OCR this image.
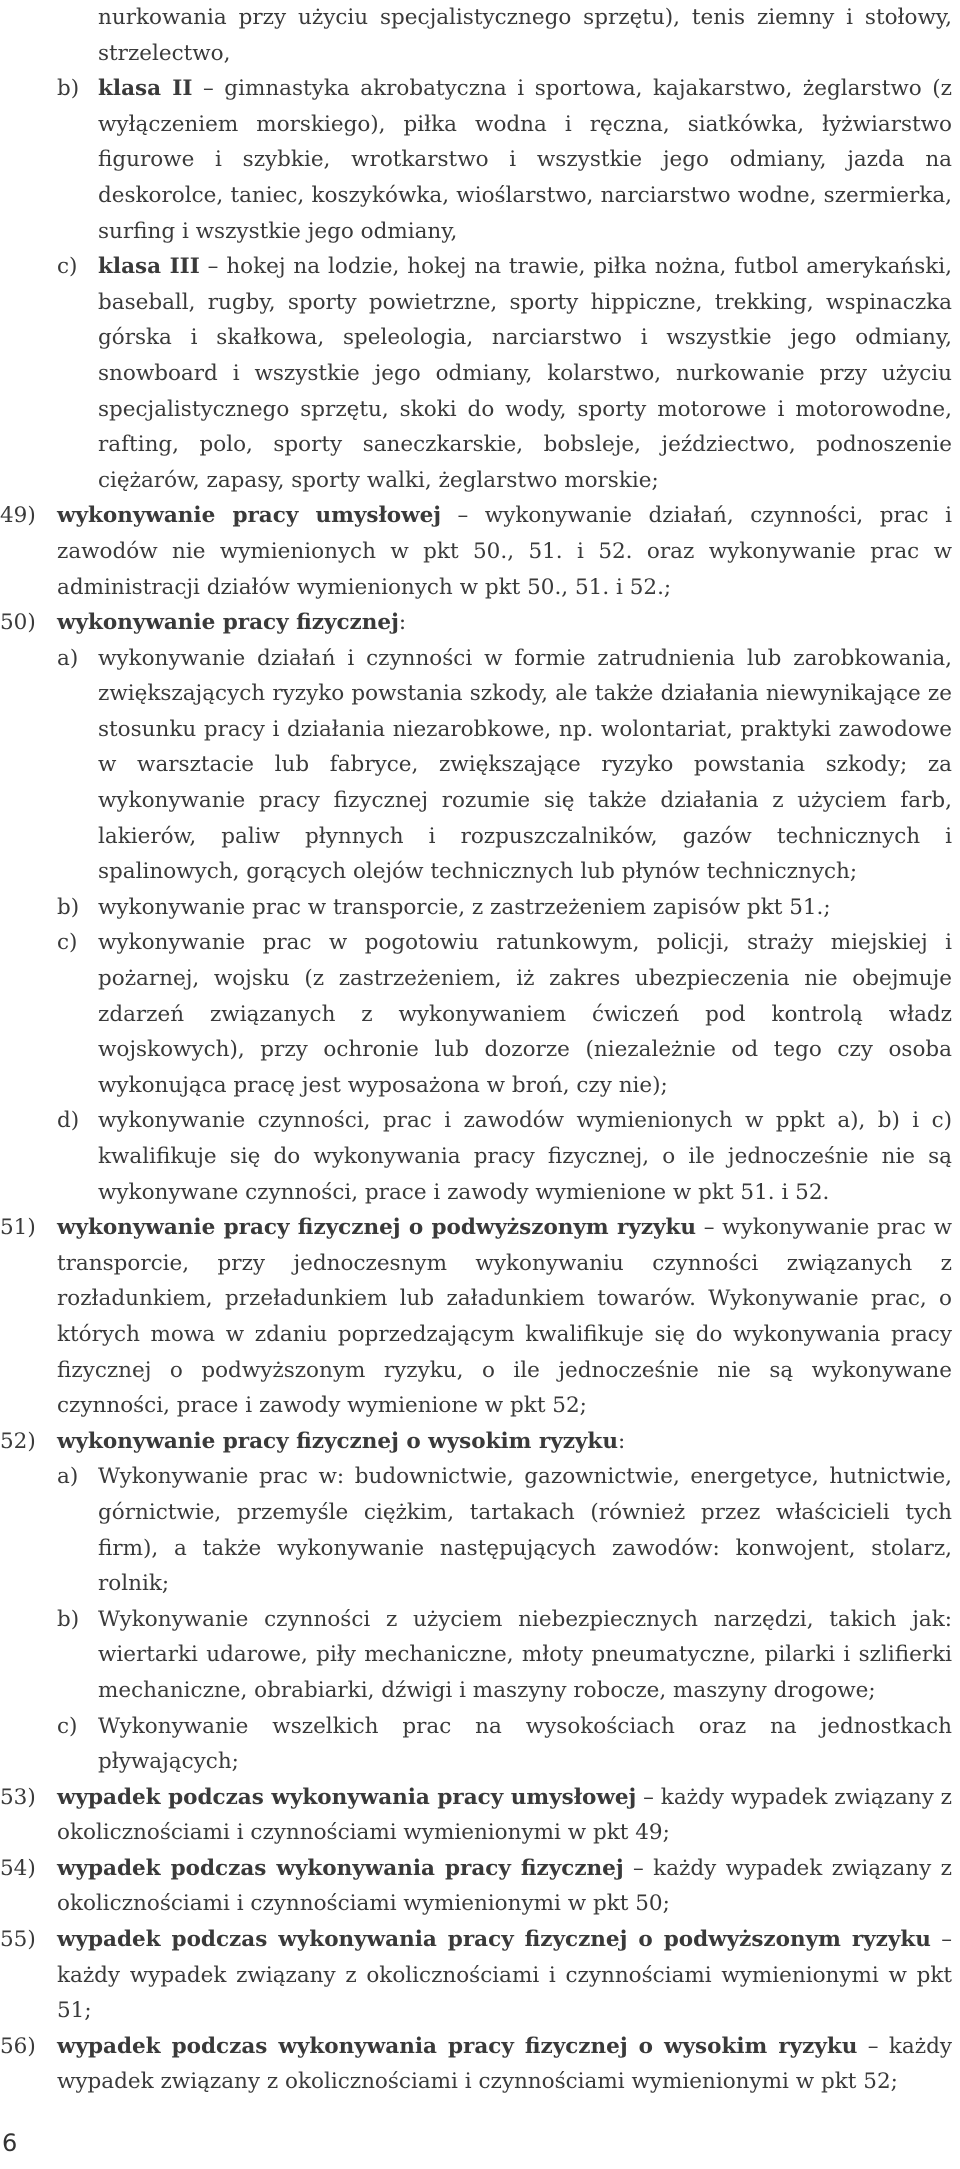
nurkowania przy użyciu specjalistycznego sprzętu), tenis ziemny i stołowy, strzelectwo,

b) klasa II – gimnastyka akrobatyczna i sportowa, kajakarstwo, żeglarstwo (z wyłączeniem morskiego), piłka wodna i ręczna, siatkówka, łyżwiarstwo figurowe i szybkie, wrotkarstwo i wszystkie jego odmiany, jazda na deskorolce, taniec, koszykówka, wioślarstwo, narciarstwo wodne, szermierka, surfing i wszystkie jego odmiany,

c) klasa III – hokej na lodzie, hokej na trawie, piłka nożna, futbol amerykański, baseball, rugby, sporty powietrzne, sporty hippiczne, trekking, wspinaczka górska i skałkowa, speleologia, narciarstwo i wszystkie jego odmiany, snowboard i wszystkie jego odmiany, kolarstwo, nurkowanie przy użyciu specjalistycznego sprzętu, skoki do wody, sporty motorowe i motorowodne, rafting, polo, sporty saneczkarskie, bobsleje, jeździectwo, podnoszenie ciężarów, zapasy, sporty walki, żeglarstwo morskie;

49) wykonywanie pracy umysłowej – wykonywanie działań, czynności, prac i zawodów nie wymienionych w pkt 50., 51. i 52. oraz wykonywanie prac w administracji działów wymienionych w pkt 50., 51. i 52.;

50) wykonywanie pracy fizycznej:

a) wykonywanie działań i czynności w formie zatrudnienia lub zarobkowania, zwiększających ryzyko powstania szkody, ale także działania niewynikające ze stosunku pracy i działania niezarobkowe, np. wolontariat, praktyki zawodowe w warsztacie lub fabryce, zwiększające ryzyko powstania szkody; za wykonywanie pracy fizycznej rozumie się także działania z użyciem farb, lakierów, paliw płynnych i rozpuszczalników, gazów technicznych i spalinowych, gorących olejów technicznych lub płynów technicznych;

b) wykonywanie prac w transporcie, z zastrzeżeniem zapisów pkt 51.;

c) wykonywanie prac w pogotowiu ratunkowym, policji, straży miejskiej i pożarnej, wojsku (z zastrzeżeniem, iż zakres ubezpieczenia nie obejmuje zdarzeń związanych z wykonywaniem ćwiczeń pod kontrolą władz wojskowych), przy ochronie lub dozorze (niezależnie od tego czy osoba wykonująca pracę jest wyposażona w broń, czy nie);

d) wykonywanie czynności, prac i zawodów wymienionych w ppkt a), b) i c) kwalifikuje się do wykonywania pracy fizycznej, o ile jednocześnie nie są wykonywane czynności, prace i zawody wymienione w pkt 51. i 52.

51) wykonywanie pracy fizycznej o podwyższonym ryzyku – wykonywanie prac w transporcie, przy jednoczesnym wykonywaniu czynności związanych z rozładunkiem, przeładunkiem lub załadunkiem towarów. Wykonywanie prac, o których mowa w zdaniu poprzedzającym kwalifikuje się do wykonywania pracy fizycznej o podwyższonym ryzyku, o ile jednocześnie nie są wykonywane czynności, prace i zawody wymienione w pkt 52;

52) wykonywanie pracy fizycznej o wysokim ryzyku:

a) Wykonywanie prac w: budownictwie, gazownictwie, energetyce, hutnictwie, górnictwie, przemyśle ciężkim, tartakach (również przez właścicieli tych firm), a także wykonywanie następujących zawodów: konwojent, stolarz, rolnik;

b) Wykonywanie czynności z użyciem niebezpiecznych narzędzi, takich jak: wiertarki udarowe, piły mechaniczne, młoty pneumatyczne, pilarki i szlifierki mechaniczne, obrabiarki, dźwigi i maszyny robocze, maszyny drogowe;

c) Wykonywanie wszelkich prac na wysokościach oraz na jednostkach pływających;

53) wypadek podczas wykonywania pracy umysłowej – każdy wypadek związany z okolicznościami i czynnościami wymienionymi w pkt 49;

54) wypadek podczas wykonywania pracy fizycznej – każdy wypadek związany z okolicznościami i czynnościami wymienionymi w pkt 50;

55) wypadek podczas wykonywania pracy fizycznej o podwyższonym ryzyku – każdy wypadek związany z okolicznościami i czynnościami wymienionymi w pkt 51;

56) wypadek podczas wykonywania pracy fizycznej o wysokim ryzyku – każdy wypadek związany z okolicznościami i czynnościami wymienionymi w pkt 52;

6
